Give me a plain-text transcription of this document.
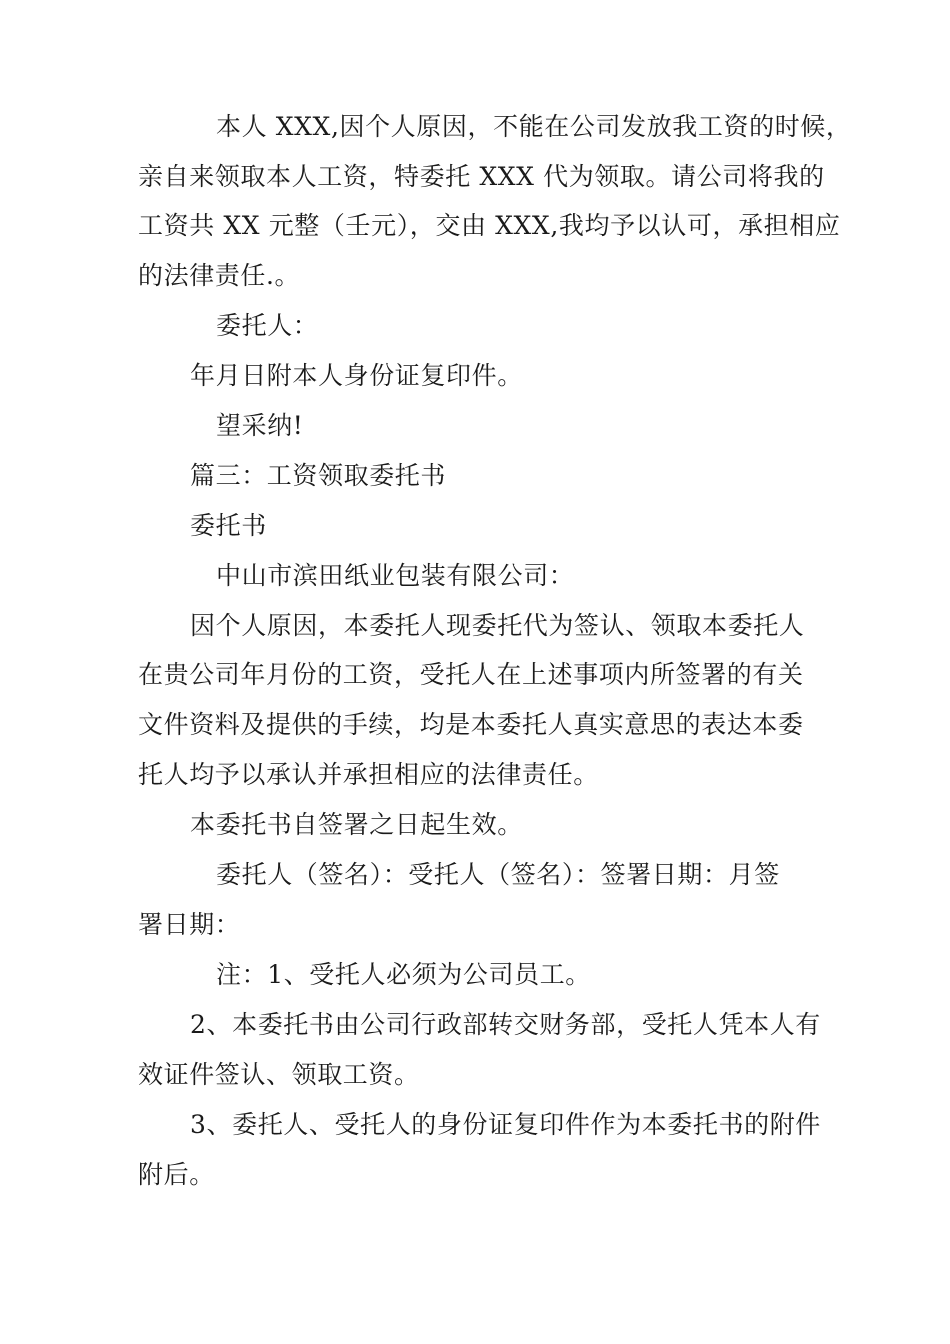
本人 XXX,因个人原因，不能在公司发放我工资的时候，
亲自来领取本人工资，特委托 XXX 代为领取。请公司将我的
工资共 XX 元整（壬元），交由 XXX,我均予以认可，承担相应
的法律责任.。
委托人：
年月日附本人身份证复印件。
望采纳!
篇三：工资领取委托书
委托书
中山市滨田纸业包装有限公司：
因个人原因，本委托人现委托代为签认、领取本委托人
在贵公司年月份的工资，受托人在上述事项内所签署的有关
文件资料及提供的手续，均是本委托人真实意思的表达本委
托人均予以承认并承担相应的法律责任。
本委托书自签署之日起生效。
委托人（签名）：受托人（签名）：签署日期：月签
署日期：
注：1、受托人必须为公司员工。
2、本委托书由公司行政部转交财务部，受托人凭本人有
效证件签认、领取工资。
3、委托人、受托人的身份证复印件作为本委托书的附件
附后。
